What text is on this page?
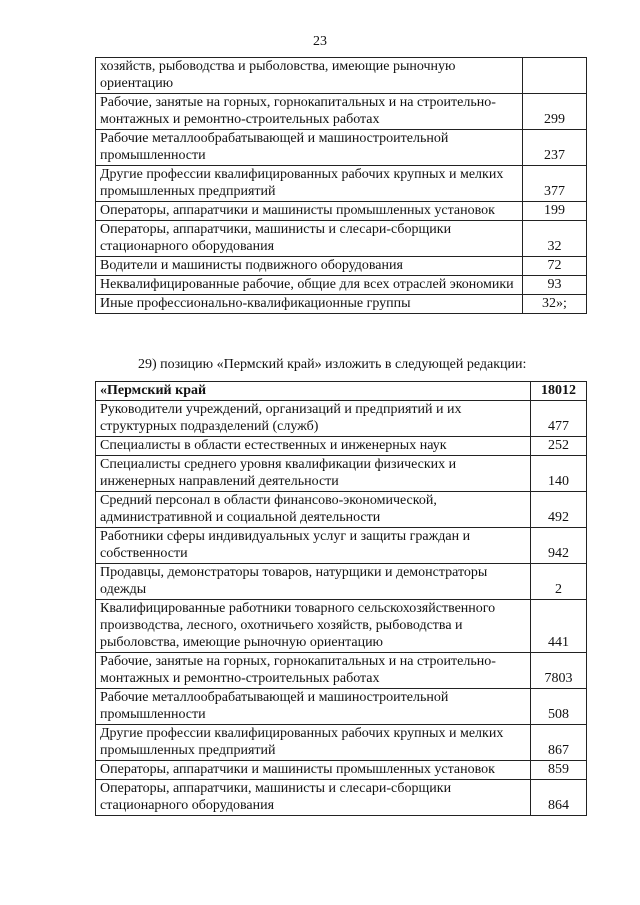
23
хозяйств, рыбоводства и рыболовства, имеющие рыночную ориентацию	
Рабочие, занятые на горных, горнокапитальных и на строительно-монтажных и ремонтно-строительных работах	299
Рабочие металлообрабатывающей и машиностроительной промышленности	237
Другие профессии квалифицированных рабочих крупных и мелких промышленных предприятий	377
Операторы, аппаратчики и машинисты промышленных установок	199
Операторы, аппаратчики, машинисты и слесари-сборщики стационарного оборудования	32
Водители и машинисты подвижного оборудования	72
Неквалифицированные рабочие, общие для всех отраслей экономики	93
Иные профессионально-квалификационные группы	32»;
29) позицию «Пермский край» изложить в следующей редакции:
«Пермский край	18012
Руководители учреждений, организаций и предприятий и их структурных подразделений (служб)	477
Специалисты в области естественных и инженерных наук	252
Специалисты среднего уровня квалификации физических и инженерных направлений деятельности	140
Средний персонал в области финансово-экономической, административной и социальной деятельности	492
Работники сферы индивидуальных услуг и защиты граждан и собственности	942
Продавцы, демонстраторы товаров, натурщики и демонстраторы одежды	2
Квалифицированные работники товарного сельскохозяйственного производства, лесного, охотничьего хозяйств, рыбоводства и рыболовства, имеющие рыночную ориентацию	441
Рабочие, занятые на горных, горнокапитальных и на строительно-монтажных и ремонтно-строительных работах	7803
Рабочие металлообрабатывающей и машиностроительной промышленности	508
Другие профессии квалифицированных рабочих крупных и мелких промышленных предприятий	867
Операторы, аппаратчики и машинисты промышленных установок	859
Операторы, аппаратчики, машинисты и слесари-сборщики стационарного оборудования	864
